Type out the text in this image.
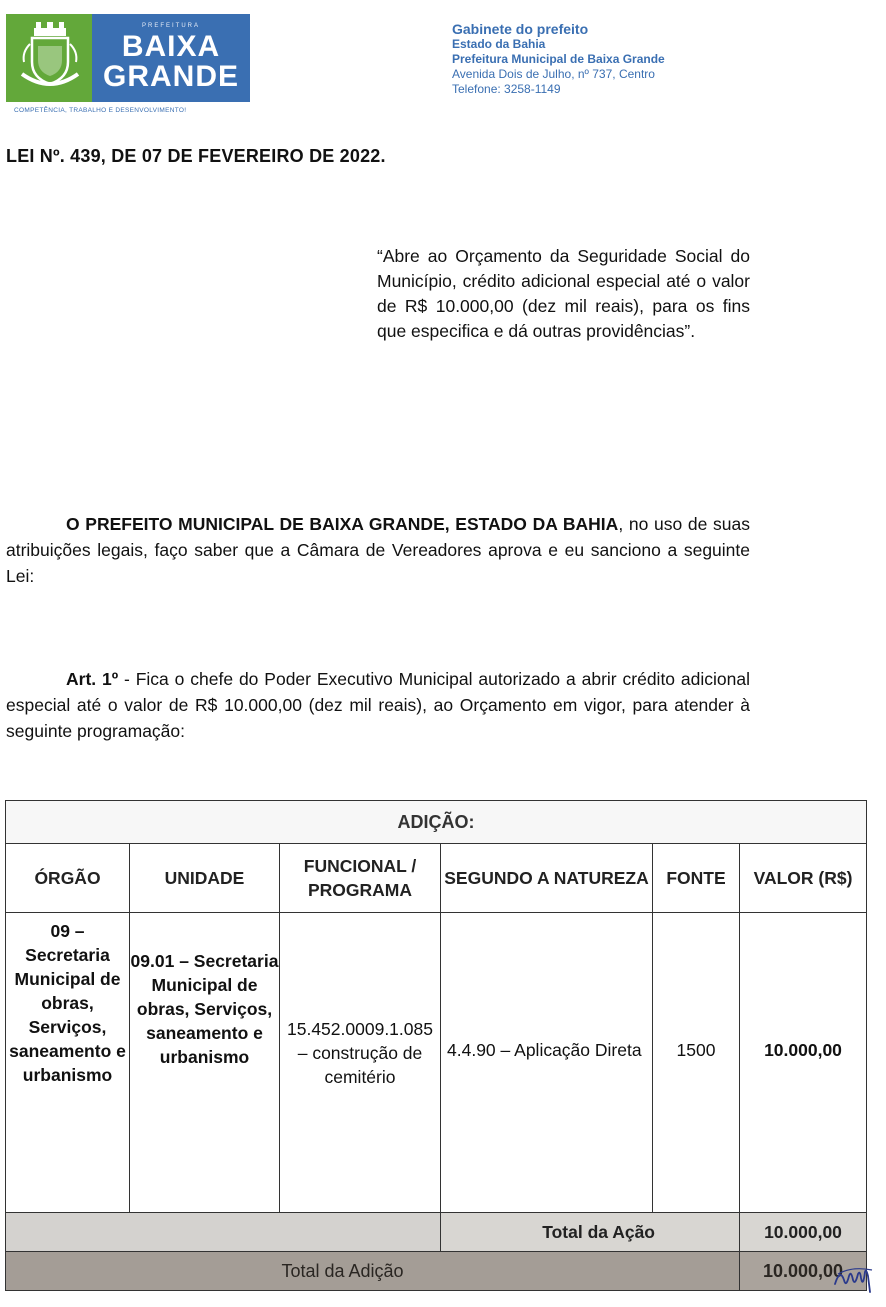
PREFEITURA
BAIXA
GRANDE
COMPETÊNCIA, TRABALHO E DESENVOLVIMENTO!
Gabinete do prefeito
Estado da Bahia
Prefeitura Municipal de Baixa Grande
Avenida Dois de Julho, nº 737, Centro
Telefone: 3258-1149
LEI Nº. 439, DE 07 DE FEVEREIRO DE 2022.
“Abre ao Orçamento da Seguridade Social do Município, crédito adicional especial até o valor de R$ 10.000,00 (dez mil reais), para os fins que especifica e dá outras providências”.
O PREFEITO MUNICIPAL DE BAIXA GRANDE, ESTADO DA BAHIA, no uso de suas atribuições legais, faço saber que a Câmara de Vereadores aprova e eu sanciono a seguinte Lei:
Art. 1º - Fica o chefe do Poder Executivo Municipal autorizado a abrir crédito adicional especial até o valor de R$ 10.000,00 (dez mil reais), ao Orçamento em vigor, para atender à seguinte programação:
ADIÇÃO:					
ÓRGÃO	UNIDADE	FUNCIONAL / PROGRAMA	SEGUNDO A NATUREZA	FONTE	VALOR (R$)
09 – Secretaria Municipal de obras, Serviços, saneamento e urbanismo	09.01 – Secretaria Municipal de obras, Serviços, saneamento e urbanismo	15.452.0009.1.085 – construção de cemitério	4.4.90 – Aplicação Direta	1500	10.000,00
			Total da Ação		10.000,00
Total da Adição					10.000,00
